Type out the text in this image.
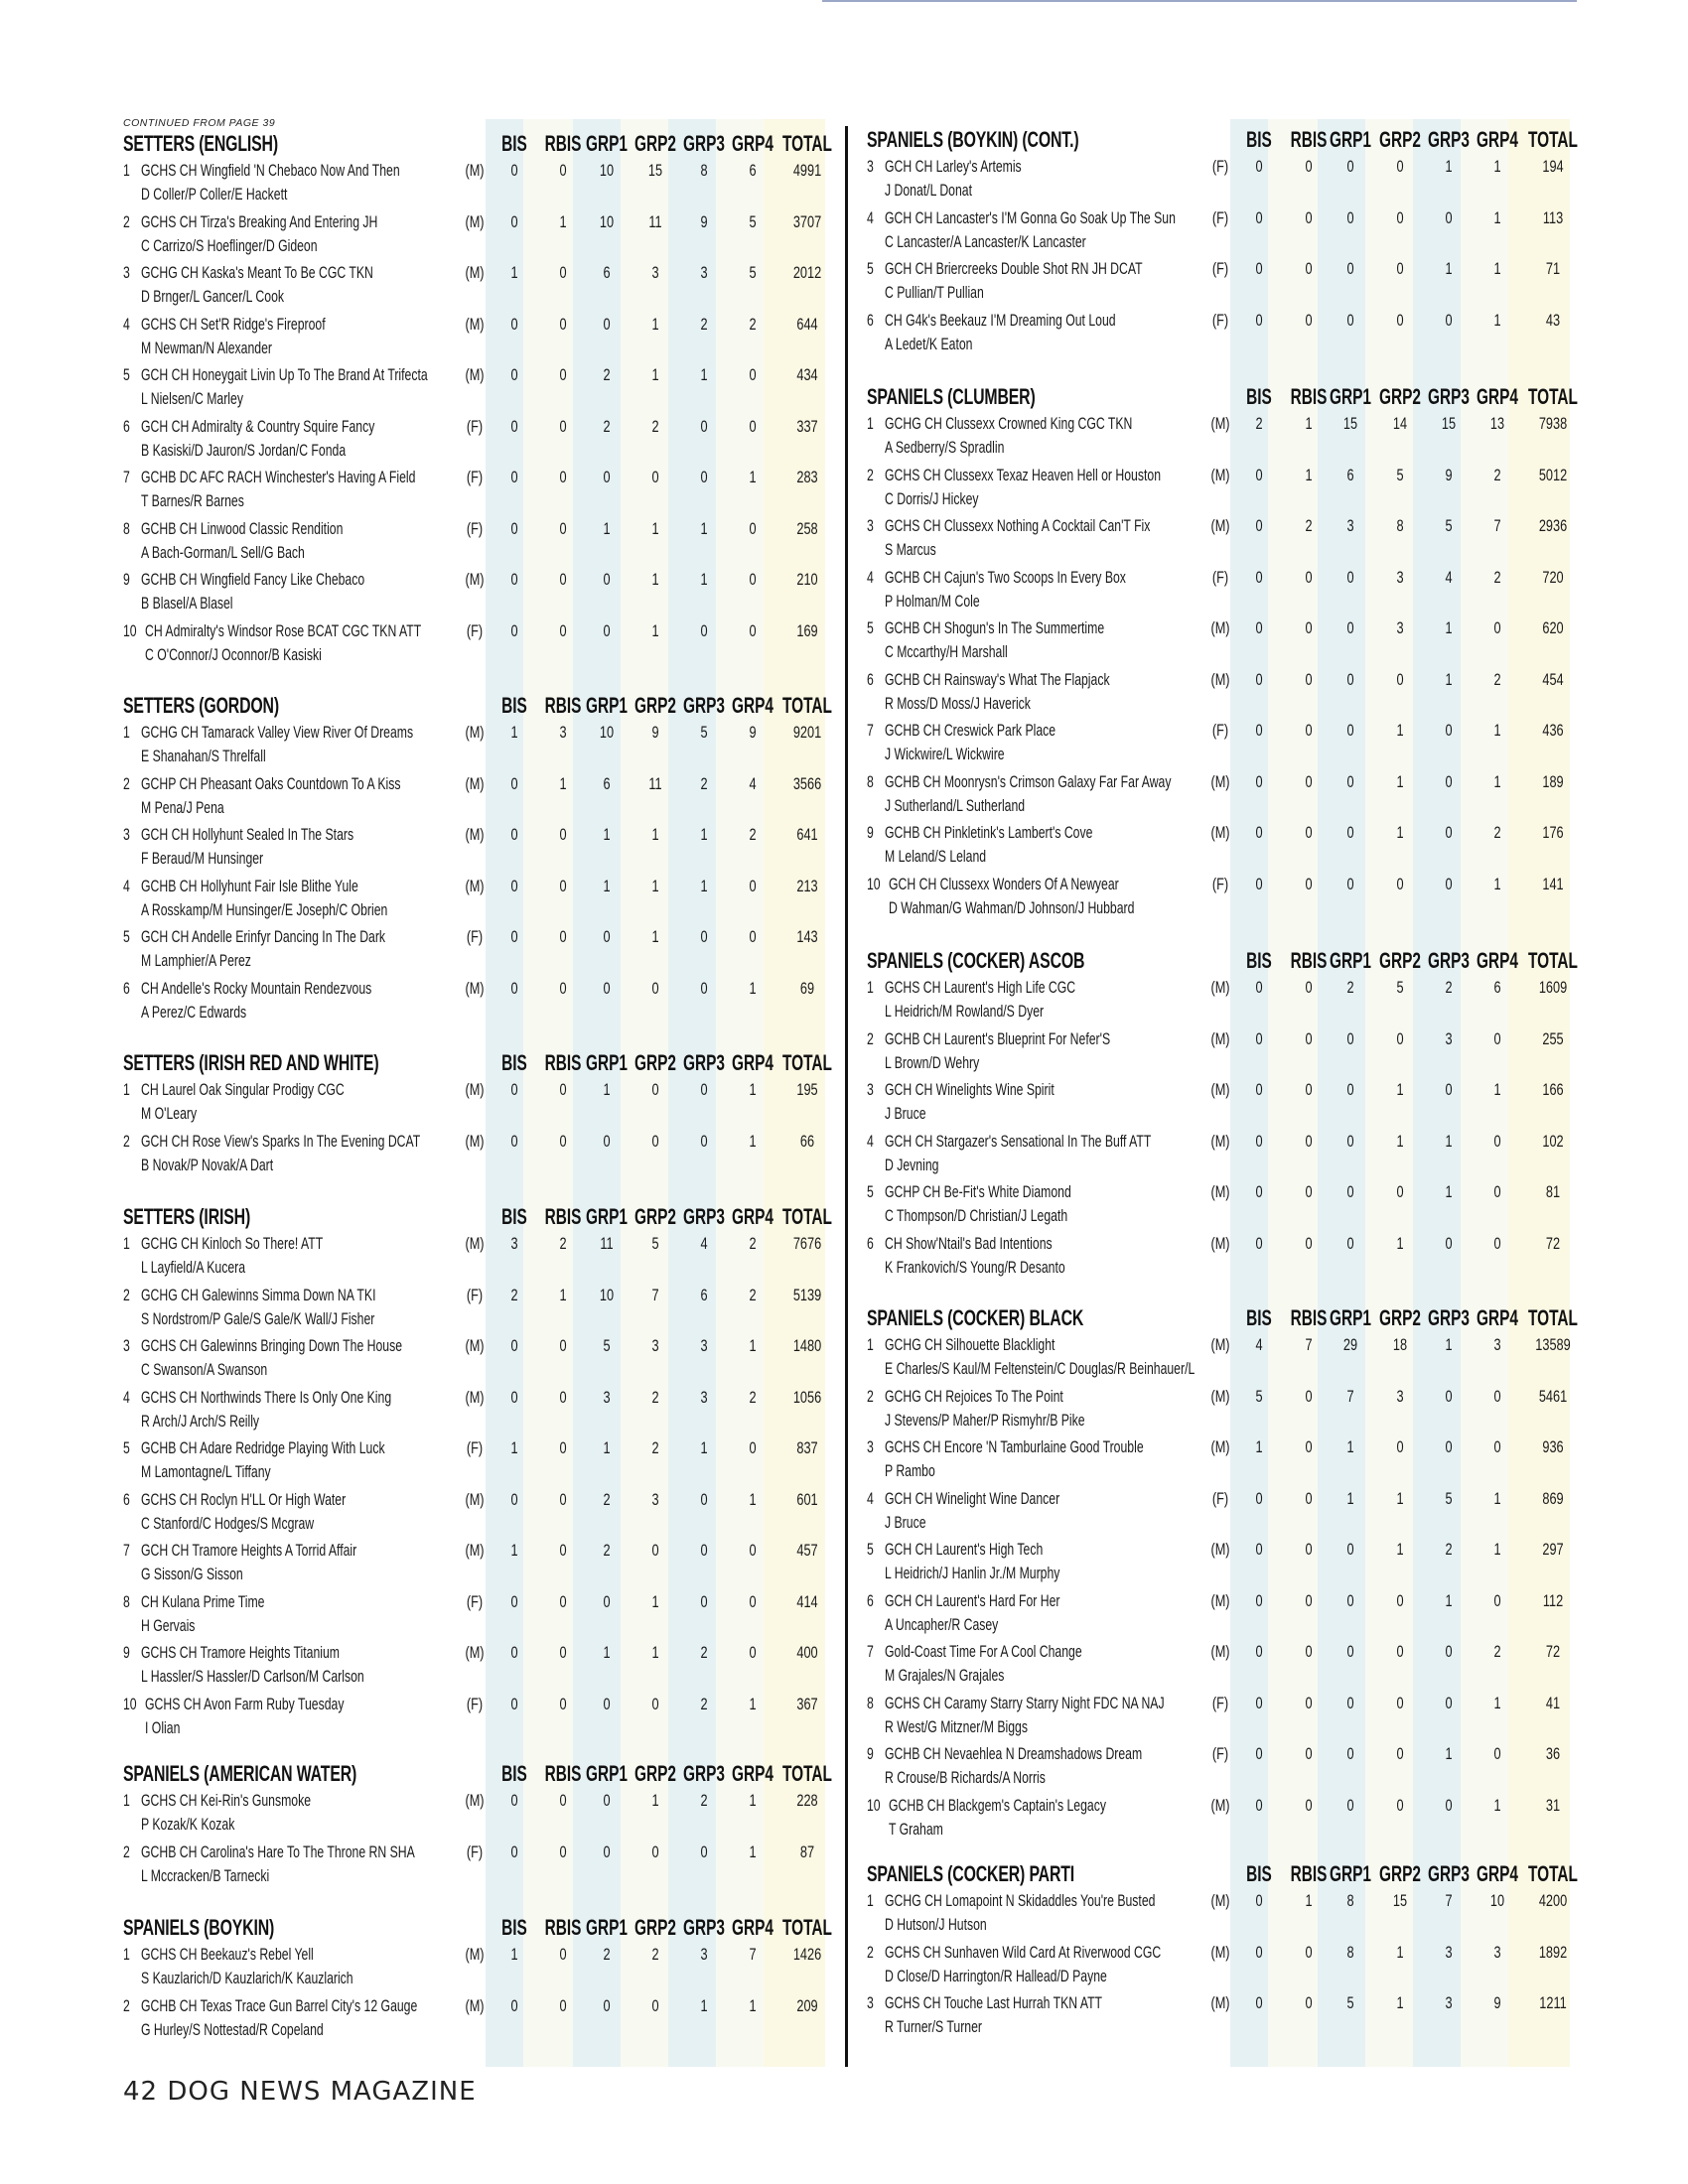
CONTINUED FROM PAGE 39
SETTERS (ENGLISH)	BIS RBIS GRP1 GRP2 GRP3 GRP4 TOTAL
1 GCHS CH Wingfield 'N Chebaco Now And Then
D Coller/P Coller/E Hackett
(M) 0 0 10 15 8 6 4991
2 GCHS CH Tirza's Breaking And Entering JH
C Carrizo/S Hoeflinger/D Gideon
(M) 0 1 10 11 9 5 3707
3 GCHG CH Kaska's Meant To Be CGC TKN
D Brnger/L Gancer/L Cook
(M) 1 0 6 3 3 5 2012
4 GCHS CH Set'R Ridge's Fireproof
M Newman/N Alexander
(M) 0 0 0 1 2 2 644
5 GCH CH Honeygait Livin Up To The Brand At Trifecta
L Nielsen/C Marley
(M) 0 0 2 1 1 0 434
6 GCH CH Admiralty & Country Squire Fancy
B Kasiski/D Jauron/S Jordan/C Fonda
(F) 0 0 2 2 0 0 337
7 GCHB DC AFC RACH Winchester's Having A Field
T Barnes/R Barnes
(F) 0 0 0 0 0 1 283
8 GCHB CH Linwood Classic Rendition
A Bach-Gorman/L Sell/G Bach
(F) 0 0 1 1 1 0 258
9 GCHB CH Wingfield Fancy Like Chebaco
B Blasel/A Blasel
(M) 0 0 0 1 1 0 210
10 CH Admiralty's Windsor Rose BCAT CGC TKN ATT
C O'Connor/J Oconnor/B Kasiski
(F) 0 0 0 1 0 0 169
SETTERS (GORDON)	BIS RBIS GRP1 GRP2 GRP3 GRP4 TOTAL
1 GCHG CH Tamarack Valley View River Of Dreams
E Shanahan/S Threlfall
(M) 1 3 10 9 5 9 9201
2 GCHP CH Pheasant Oaks Countdown To A Kiss
M Pena/J Pena
(M) 0 1 6 11 2 4 3566
3 GCH CH Hollyhunt Sealed In The Stars
F Beraud/M Hunsinger
(M) 0 0 1 1 1 2 641
4 GCHB CH Hollyhunt Fair Isle Blithe Yule
A Rosskamp/M Hunsinger/E Joseph/C Obrien
(M) 0 0 1 1 1 0 213
5 GCH CH Andelle Erinfyr Dancing In The Dark
M Lamphier/A Perez
(F) 0 0 0 1 0 0 143
6 CH Andelle's Rocky Mountain Rendezvous
A Perez/C Edwards
(M) 0 0 0 0 0 1	69
SETTERS (IRISH RED AND WHITE)	BIS RBIS GRP1 GRP2 GRP3 GRP4 TOTAL
1 CH Laurel Oak Singular Prodigy CGC
M O'Leary
(M) 0 0 1 0 0 1 195
2 GCH CH Rose View's Sparks In The Evening DCAT
B Novak/P Novak/A Dart
(M) 0 0 0 0 0 1	66
SETTERS (IRISH)	BIS RBIS GRP1 GRP2 GRP3 GRP4 TOTAL
1 GCHG CH Kinloch So There! ATT
L Layfield/A Kucera
(M) 3 2 11 5 4 2 7676
2 GCHG CH Galewinns Simma Down NA TKI
S Nordstrom/P Gale/S Gale/K Wall/J Fisher
(F) 2 1 10 7 6 2 5139
3 GCHS CH Galewinns Bringing Down The House
C Swanson/A Swanson
(M) 0 0 5 3 3 1 1480
4 GCHS CH Northwinds There Is Only One King
R Arch/J Arch/S Reilly
(M) 0 0 3 2 3 2 1056
5 GCHB CH Adare Redridge Playing With Luck
M Lamontagne/L Tiffany
(F) 1 0 1 2 1 0 837
6 GCHS CH Roclyn H'LL Or High Water
C Stanford/C Hodges/S Mcgraw
(M) 0 0 2 3 0 1 601
7 GCH CH Tramore Heights A Torrid Affair
G Sisson/G Sisson
(M) 1 0 2 0 0 0 457
8 CH Kulana Prime Time
H Gervais
(F) 0 0 0 1 0 0 414
9 GCHS CH Tramore Heights Titanium
L Hassler/S Hassler/D Carlson/M Carlson
(M) 0 0 1 1 2 0 400
10 GCHS CH Avon Farm Ruby Tuesday
I Olian
(F) 0 0 0 0 2 1 367
SPANIELS (AMERICAN WATER)	BIS RBIS GRP1 GRP2 GRP3 GRP4 TOTAL
1 GCHS CH Kei-Rin's Gunsmoke
P Kozak/K Kozak
(M) 0 0 0 1 2 1 228
2 GCHB CH Carolina's Hare To The Throne RN SHA
L Mccracken/B Tarnecki
(F) 0 0 0 0 0 1	87
SPANIELS (BOYKIN)	BIS RBIS GRP1 GRP2 GRP3 GRP4 TOTAL
1 GCHS CH Beekauz's Rebel Yell
S Kauzlarich/D Kauzlarich/K Kauzlarich
(M) 1 0 2 2 3 7 1426
2 GCHB CH Texas Trace Gun Barrel City's 12 Gauge
G Hurley/S Nottestad/R Copeland
(M) 0 0 0 0 1 1 209
SPANIELS (BOYKIN) (CONT.)	BIS RBIS GRP1 GRP2 GRP3 GRP4 TOTAL
3 GCH CH Larley's Artemis
J Donat/L Donat
(F) 0	0 0	0 1 1 194
4 GCH CH Lancaster's I'M Gonna Go Soak Up The Sun
C Lancaster/A Lancaster/K Lancaster
(F) 0	0 0	0 0 1 113
5 GCH CH Briercreeks Double Shot RN JH DCAT
C Pullian/T Pullian
(F) 0	0 0	0 1 1	71
6 CH G4k's Beekauz I'M Dreaming Out Loud
A Ledet/K Eaton
(F) 0	0 0	0 0 1	43
SPANIELS (CLUMBER)	BIS RBIS GRP1 GRP2 GRP3 GRP4 TOTAL
1 GCHG CH Clussexx Crowned King CGC TKN
A Sedberry/S Spradlin
(M) 2	1 15 14 15 13 7938
2 GCHS CH Clussexx Texaz Heaven Hell or Houston
C Dorris/J Hickey
(M) 0	1 6	5 9 2 5012
3 GCHS CH Clussexx Nothing A Cocktail Can'T Fix
S Marcus
(M) 0	2 3	8 5 7 2936
4 GCHB CH Cajun's Two Scoops In Every Box
P Holman/M Cole
(F) 0	0 0	3 4 2 720
5 GCHB CH Shogun's In The Summertime
C Mccarthy/H Marshall
(M) 0	0 0	3 1 0 620
6 GCHB CH Rainsway's What The Flapjack
R Moss/D Moss/J Haverick
(M) 0	0 0	0 1 2 454
7 GCHB CH Creswick Park Place
J Wickwire/L Wickwire
(F) 0	0 0	1 0 1 436
8 GCHB CH Moonrysn's Crimson Galaxy Far Far Away
J Sutherland/L Sutherland
(M) 0	0 0	1 0 1 189
9 GCHB CH Pinkletink's Lambert's Cove
M Leland/S Leland
(M) 0	0 0	1 0 2 176
10 GCH CH Clussexx Wonders Of A Newyear
D Wahman/G Wahman/D Johnson/J Hubbard
(F) 0	0 0	0 0 1 141
SPANIELS (COCKER) ASCOB	BIS RBIS GRP1 GRP2 GRP3 GRP4 TOTAL
1 GCHS CH Laurent's High Life CGC
L Heidrich/M Rowland/S Dyer
(M) 0	0 2	5 2 6 1609
2 GCHB CH Laurent's Blueprint For Nefer'S
L Brown/D Wehry
(M) 0	0 0	0 3 0 255
3 GCH CH Winelights Wine Spirit
J Bruce
(M) 0	0 0	1 0 1 166
4 GCH CH Stargazer's Sensational In The Buff ATT
D Jevning
(M) 0	0 0	1 1 0 102
5 GCHP CH Be-Fit's White Diamond
C Thompson/D Christian/J Legath
(M) 0	0 0	0 1 0	81
6 CH Show'Ntail's Bad Intentions
K Frankovich/S Young/R Desanto
(M) 0	0 0	1 0 0	72
SPANIELS (COCKER) BLACK	BIS RBIS GRP1 GRP2 GRP3 GRP4 TOTAL
1 GCHG CH Silhouette Blacklight
E Charles/S Kaul/M Feltenstein/C Douglas/R Beinhauer/L
(M) 4	7 29 18 1 3 13589
2 GCHG CH Rejoices To The Point
J Stevens/P Maher/P Rismyhr/B Pike
(M) 5	0 7	3 0 0 5461
3 GCHS CH Encore 'N Tamburlaine Good Trouble
P Rambo
(M) 1	0 1	0 0 0 936
4 GCH CH Winelight Wine Dancer
J Bruce
(F) 0	0 1	1 5 1 869
5 GCH CH Laurent's High Tech
L Heidrich/J Hanlin Jr./M Murphy
(M) 0	0 0	1 2 1 297
6 GCH CH Laurent's Hard For Her
A Uncapher/R Casey
(M) 0	0 0	0 1 0 112
7 Gold-Coast Time For A Cool Change
M Grajales/N Grajales
(M) 0	0 0	0 0 2	72
8 GCHS CH Caramy Starry Starry Night FDC NA NAJ
R West/G Mitzner/M Biggs
(F) 0	0 0	0 0 1	41
9 GCHB CH Nevaehlea N Dreamshadows Dream
R Crouse/B Richards/A Norris
(F) 0	0 0	0 1 0	36
10 GCHB CH Blackgem's Captain's Legacy
T Graham
(M) 0	0 0	0 0 1	31
SPANIELS (COCKER) PARTI	BIS RBIS GRP1 GRP2 GRP3 GRP4 TOTAL
1 GCHG CH Lomapoint N Skidaddles You're Busted
D Hutson/J Hutson
(M) 0	1 8 15 7 10 4200
2 GCHS CH Sunhaven Wild Card At Riverwood CGC
D Close/D Harrington/R Hallead/D Payne
(M) 0	0 8	1 3 3 1892
3 GCHS CH Touche Last Hurrah TKN ATT
R Turner/S Turner
(M) 0	0 5	1 3 9 1211
42 DOG NEWS MAGAZINE
